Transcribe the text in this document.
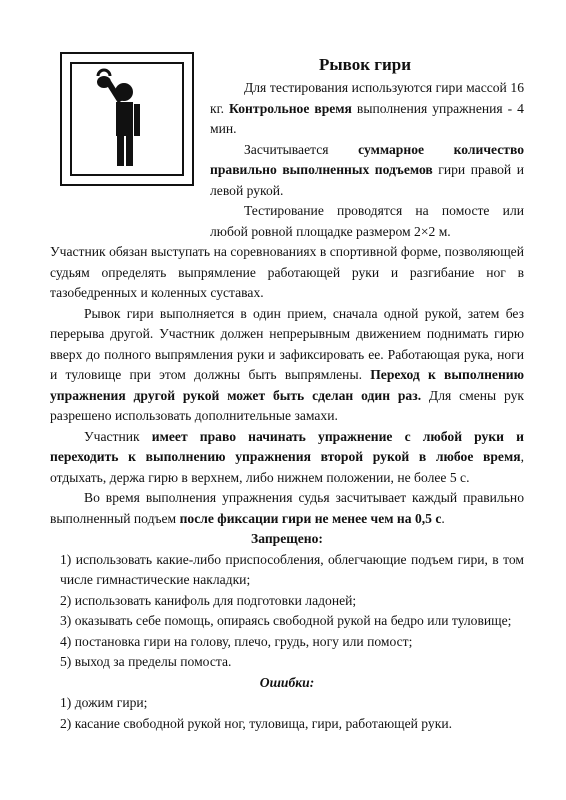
Рывок гири

Для тестирования используются гири массой 16 кг. Контрольное время выполнения упражнения - 4 мин.

Засчитывается суммарное количество правильно выполненных подъемов гири правой и левой рукой.

Тестирование проводятся на помосте или любой ровной площадке размером 2×2 м.

Участник обязан выступать на соревнованиях в спортивной форме, позволяющей судьям определять выпрямление работающей руки и разгибание ног в тазобедренных и коленных суставах.

Рывок гири выполняется в один прием, сначала одной рукой, затем без перерыва другой. Участник должен непрерывным движением поднимать гирю вверх до полного выпрямления руки и зафиксировать ее. Работающая рука, ноги и туловище при этом должны быть выпрямлены. Переход к выполнению упражнения другой рукой может быть сделан один раз. Для смены рук разрешено использовать дополнительные замахи.

Участник имеет право начинать упражнение с любой руки и переходить к выполнению упражнения второй рукой в любое время, отдыхать, держа гирю в верхнем, либо нижнем положении, не более 5 с.

Во время выполнения упражнения судья засчитывает каждый правильно выполненный подъем после фиксации гири не менее чем на 0,5 с.

Запрещено:

1) использовать какие-либо приспособления, облегчающие подъем гири, в том числе гимнастические накладки;

2) использовать канифоль для подготовки ладоней;

3) оказывать себе помощь, опираясь свободной рукой на бедро или туловище;

4) постановка гири на голову, плечо, грудь, ногу или помост;

5) выход за пределы помоста.

Ошибки:

1) дожим гири;

2) касание свободной рукой ног, туловища, гири, работающей руки.
